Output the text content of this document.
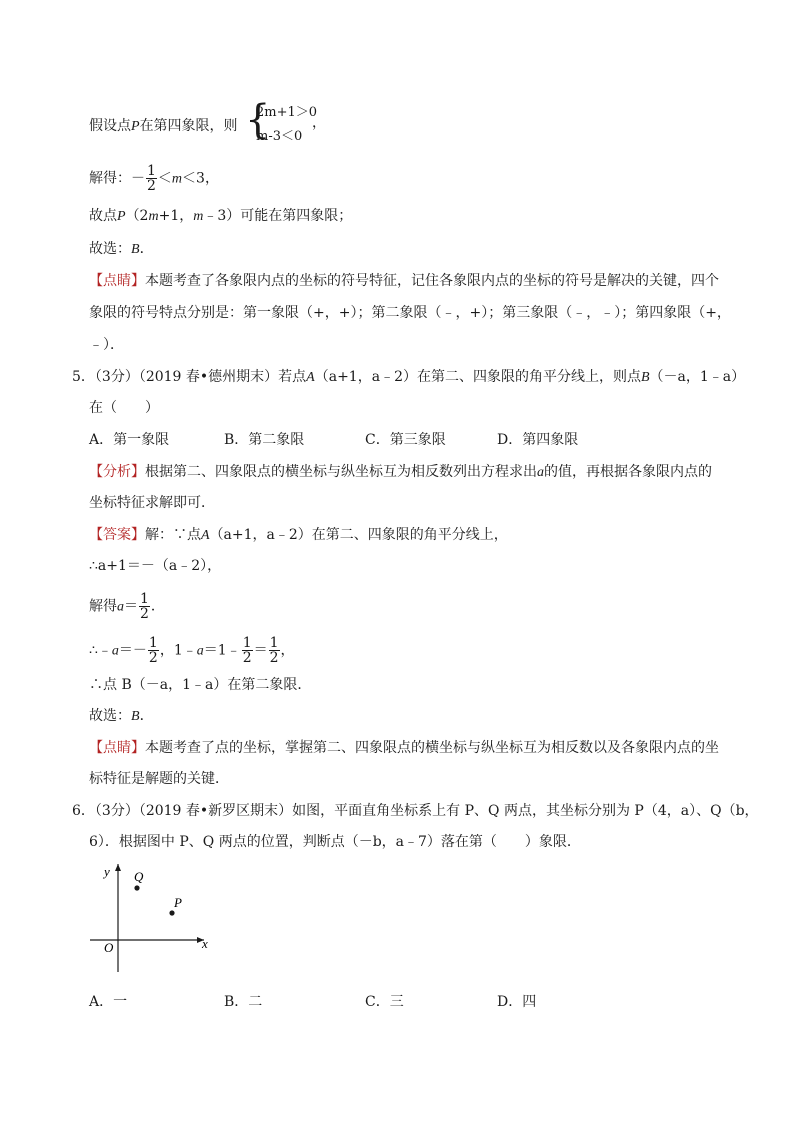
假设点P在第四象限，则 {
2m+1＞0
m-3＜0
，
解得：－ $\frac{1}{2} <m<3$，
故点P（2m+1，m﹣3）可能在第四象限；
故选：B．
【点睛】本题考查了各象限内点的坐标的符号特征，记住各象限内点的坐标的符号是解决的关键，四个
象限的符号特点分别是：第一象限（+，+）；第二象限（﹣，+）；第三象限（﹣，﹣）；第四象限（+，
﹣）．
5．（3分）（2019 春•德州期末）若点A（a+1，a﹣2）在第二、四象限的角平分线上，则点B（－a，1﹣a）
在（　　）
A．第一象限	B．第二象限	C．第三象限	D．第四象限
【分析】根据第二、四象限点的横坐标与纵坐标互为相反数列出方程求出a的值，再根据各象限内点的
坐标特征求解即可．
【答案】解：∵点A（a+1，a﹣2）在第二、四象限的角平分线上，
∴a+1＝－（a﹣2），
解得$a= \frac{1}{2}$ ．
∴﹣a＝－ $\frac{1}{2}$ ，1﹣a＝1﹣ $\frac{1}{2} = \frac{1}{2}$ ，
∴点 B（－a，1﹣a）在第二象限．
故选：B．
【点睛】本题考查了点的坐标，掌握第二、四象限点的横坐标与纵坐标互为相反数以及各象限内点的坐
标特征是解题的关键．
6．（3分）（2019 春•新罗区期末）如图，平面直角坐标系上有 P、Q 两点，其坐标分别为 P（4，a）、Q（b，
6）．根据图中 P、Q 两点的位置，判断点（－b，a﹣7）落在第（　　）象限．
y
x
O
Q
P
A．一	B．二	C．三	D．四
